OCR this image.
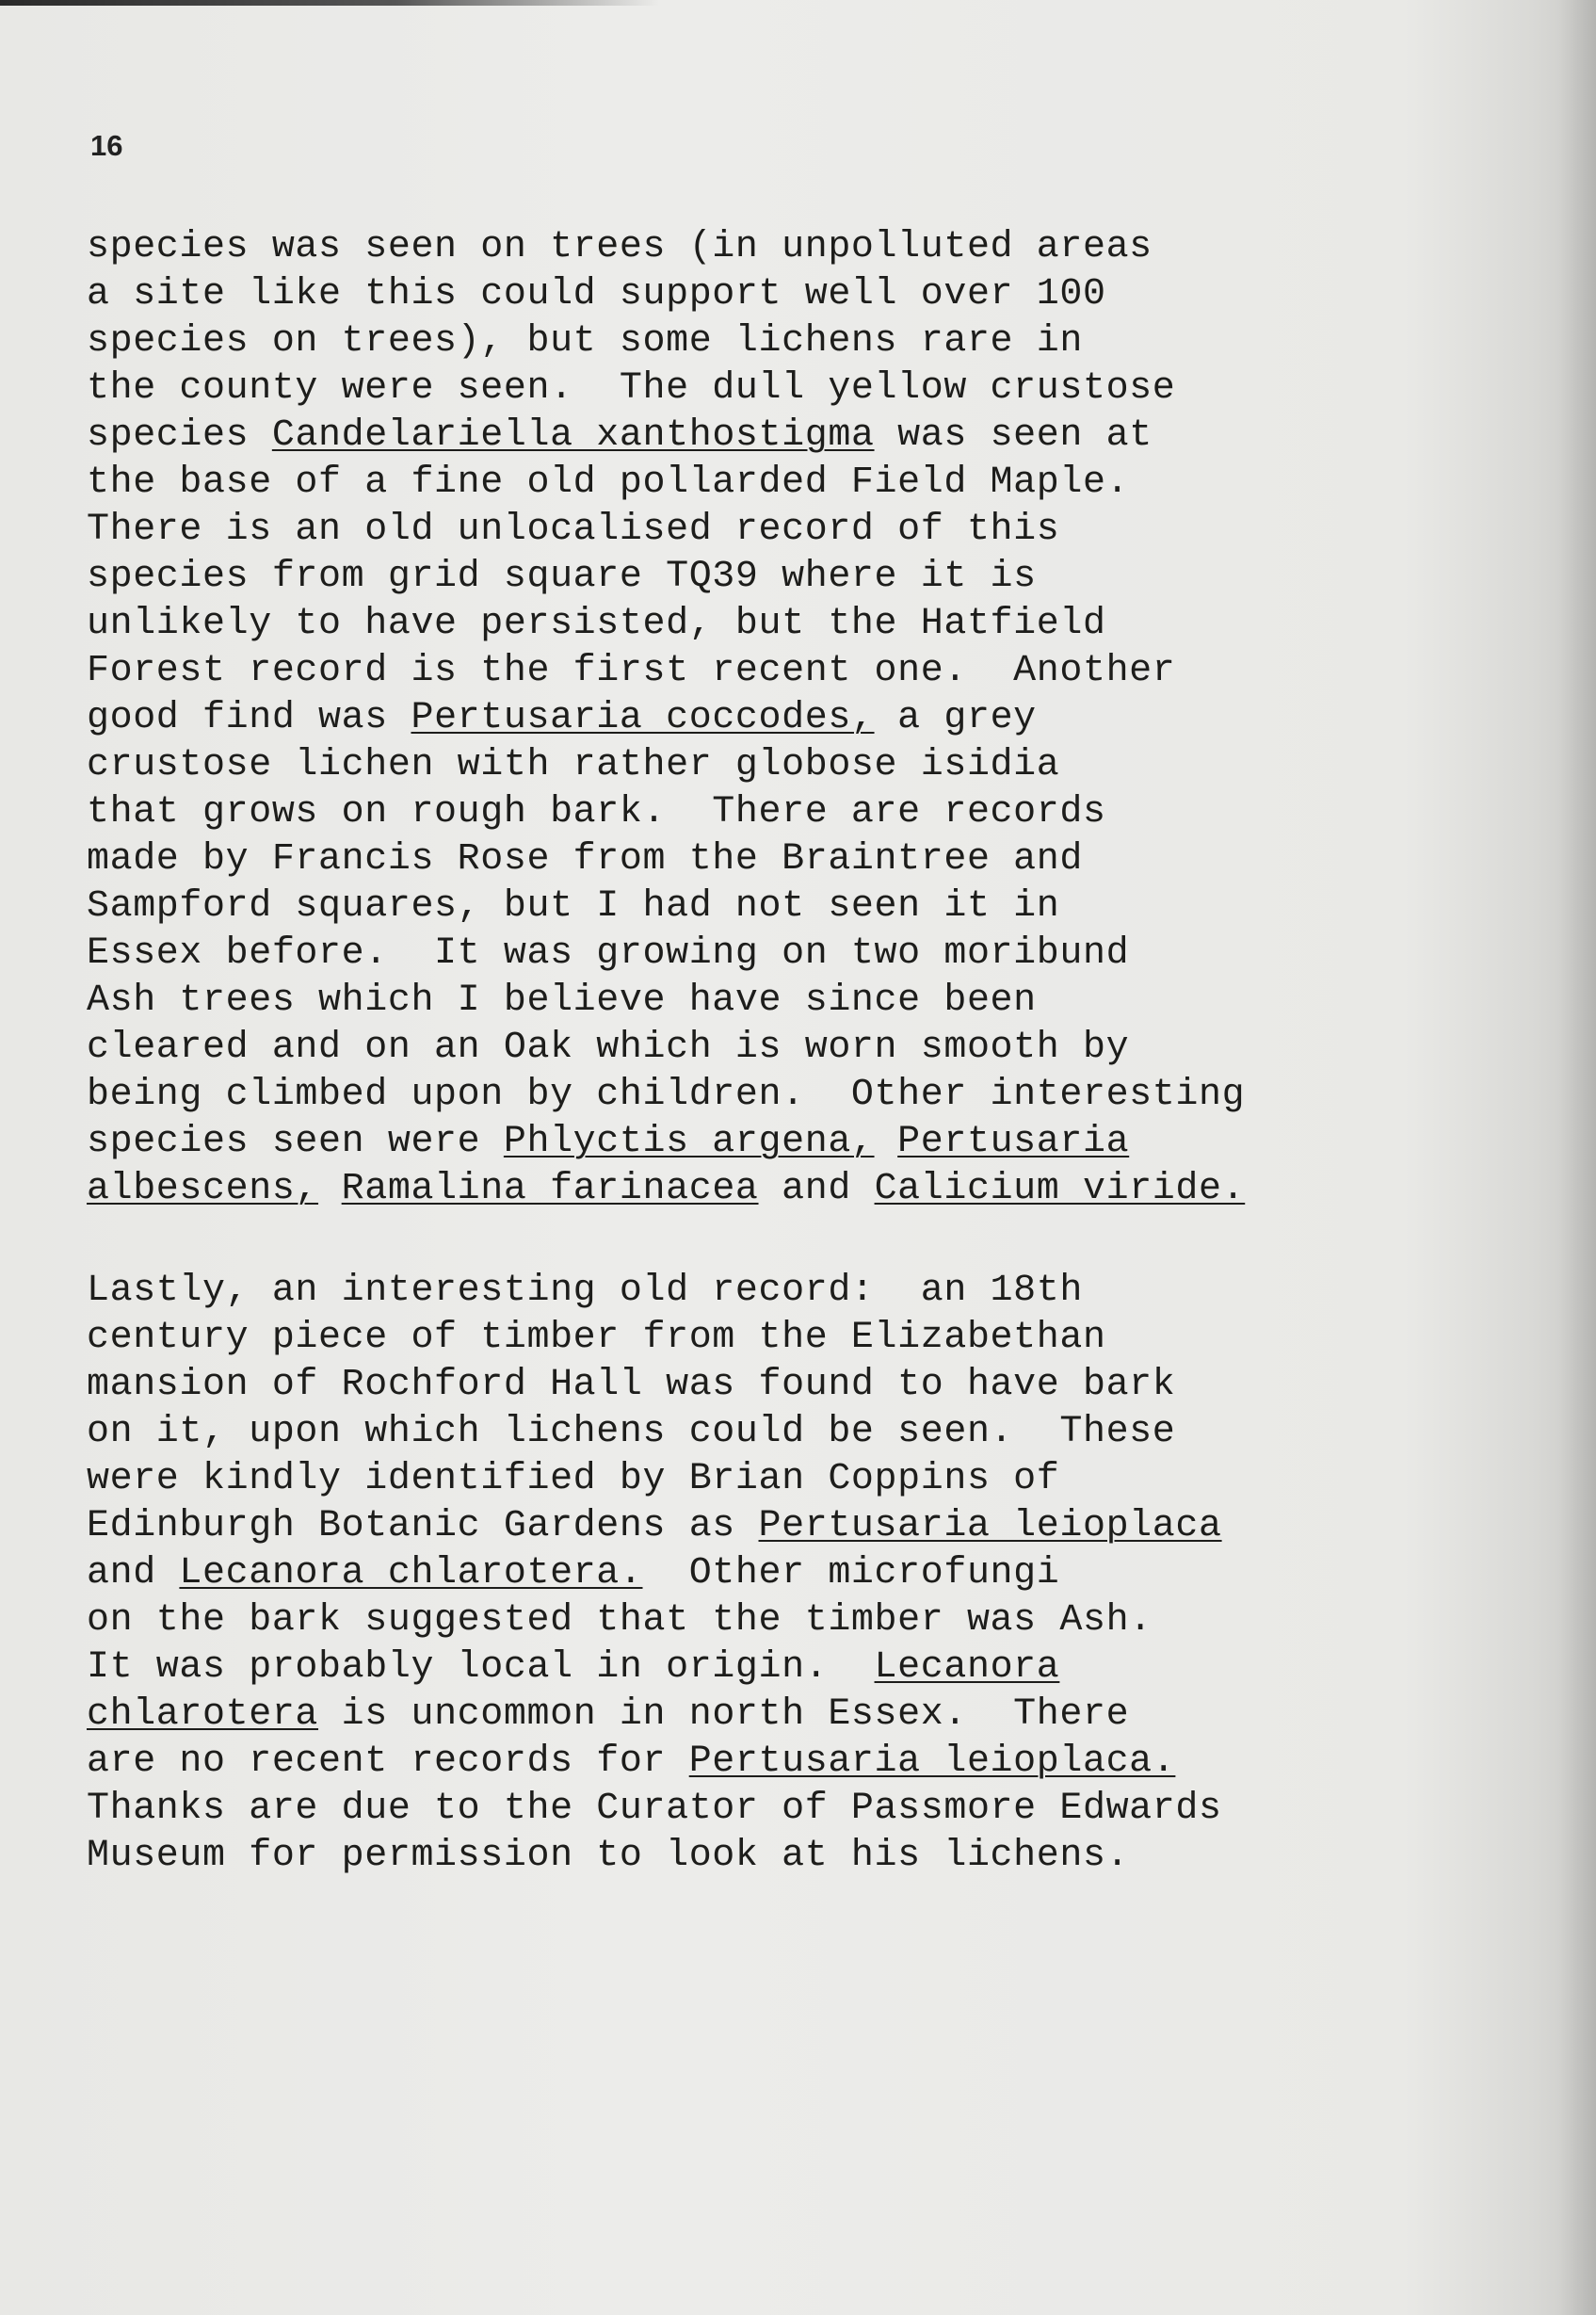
16
species was seen on trees (in unpolluted areas
a site like this could support well over 100
species on trees), but some lichens rare in
the county were seen.  The dull yellow crustose
species Candelariella xanthostigma was seen at
the base of a fine old pollarded Field Maple.
There is an old unlocalised record of this
species from grid square TQ39 where it is
unlikely to have persisted, but the Hatfield
Forest record is the first recent one.  Another
good find was Pertusaria coccodes, a grey
crustose lichen with rather globose isidia
that grows on rough bark.  There are records
made by Francis Rose from the Braintree and
Sampford squares, but I had not seen it in
Essex before.  It was growing on two moribund
Ash trees which I believe have since been
cleared and on an Oak which is worn smooth by
being climbed upon by children.  Other interesting
species seen were Phlyctis argena, Pertusaria
albescens, Ramalina farinacea and Calicium viride.
Lastly, an interesting old record:  an 18th
century piece of timber from the Elizabethan
mansion of Rochford Hall was found to have bark
on it, upon which lichens could be seen.  These
were kindly identified by Brian Coppins of
Edinburgh Botanic Gardens as Pertusaria leioplaca
and Lecanora chlarotera.  Other microfungi
on the bark suggested that the timber was Ash.
It was probably local in origin.  Lecanora
chlarotera is uncommon in north Essex.  There
are no recent records for Pertusaria leioplaca.
Thanks are due to the Curator of Passmore Edwards
Museum for permission to look at his lichens.
